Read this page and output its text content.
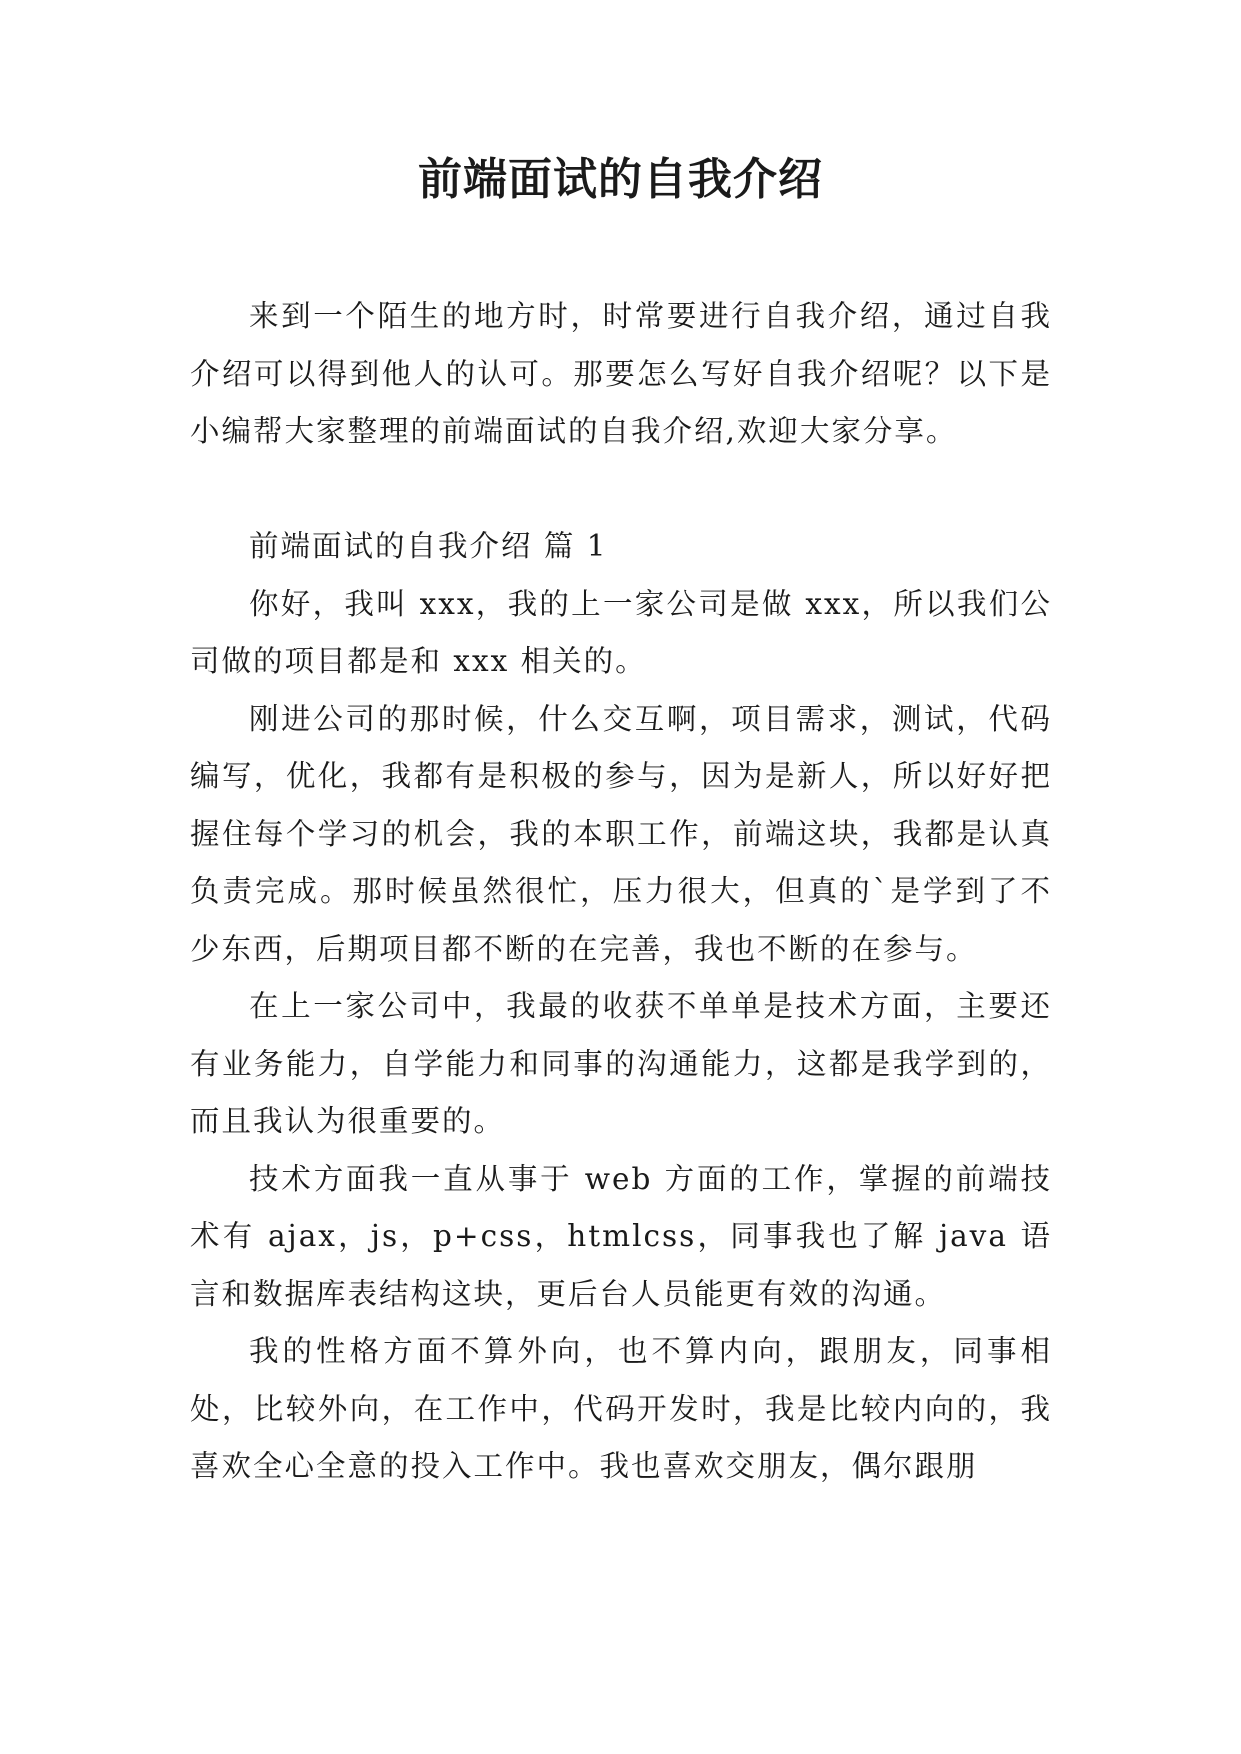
前端面试的自我介绍

来到一个陌生的地方时，时常要进行自我介绍，通过自我介绍可以得到他人的认可。那要怎么写好自我介绍呢？以下是小编帮大家整理的前端面试的自我介绍,欢迎大家分享。

前端面试的自我介绍 篇 1

你好，我叫 xxx，我的上一家公司是做 xxx，所以我们公司做的项目都是和 xxx 相关的。

刚进公司的那时候，什么交互啊，项目需求，测试，代码编写，优化，我都有是积极的参与，因为是新人，所以好好把握住每个学习的机会，我的本职工作，前端这块，我都是认真负责完成。那时候虽然很忙，压力很大，但真的`是学到了不少东西，后期项目都不断的在完善，我也不断的在参与。

在上一家公司中，我最的收获不单单是技术方面，主要还有业务能力，自学能力和同事的沟通能力，这都是我学到的，而且我认为很重要的。

技术方面我一直从事于 web 方面的工作，掌握的前端技术有 ajax，js，p+css，htmlcss，同事我也了解 java 语言和数据库表结构这块，更后台人员能更有效的沟通。

我的性格方面不算外向，也不算内向，跟朋友，同事相处，比较外向，在工作中，代码开发时，我是比较内向的，我喜欢全心全意的投入工作中。我也喜欢交朋友，偶尔跟朋
